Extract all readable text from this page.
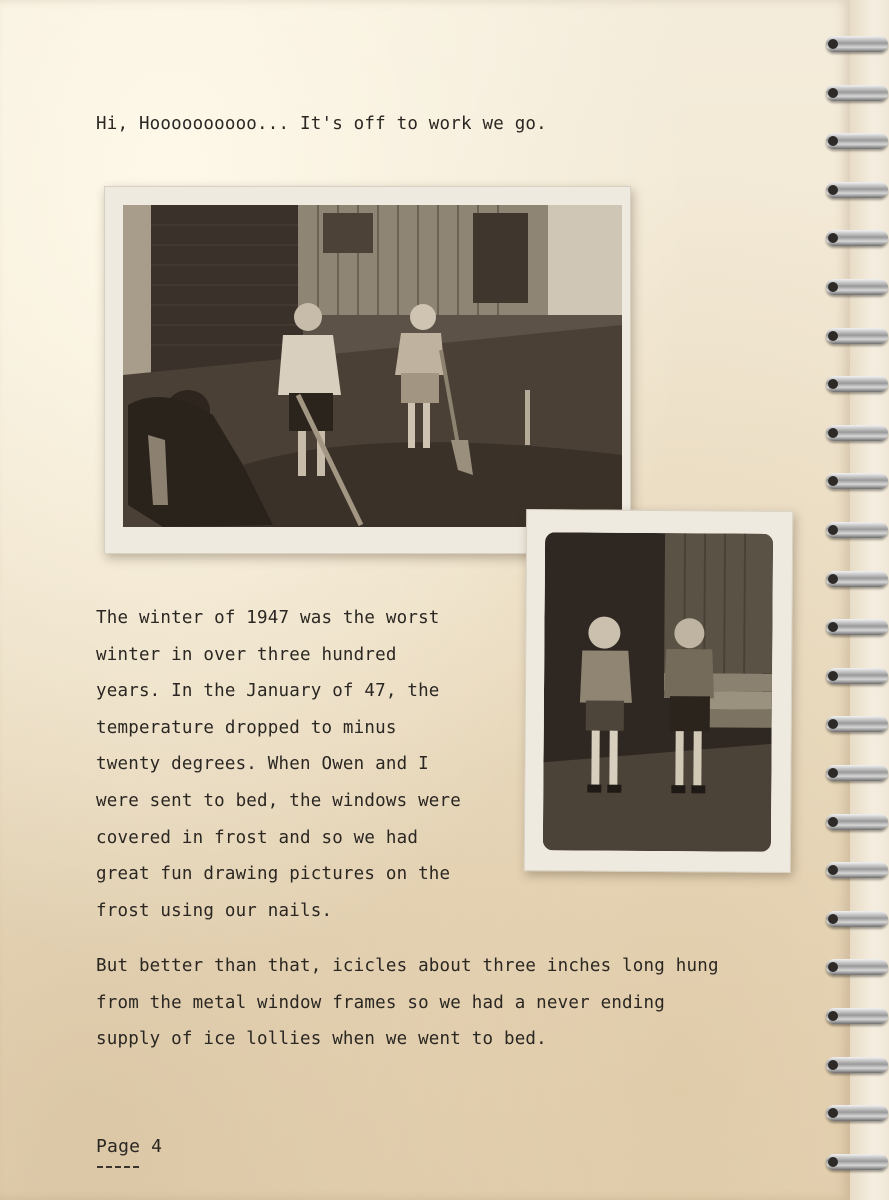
Hi, Hoooooooooo... It's off to work we go.

The winter of 1947 was the worst
winter in over three hundred
years. In the January of 47, the
temperature dropped to minus
twenty degrees. When Owen and I
were sent to bed, the windows were
covered in frost and so we had
great fun drawing pictures on the
frost using our nails.

But better than that, icicles about three inches long hung
from the metal window frames so we had a never ending
supply of ice lollies when we went to bed.

Page 4
